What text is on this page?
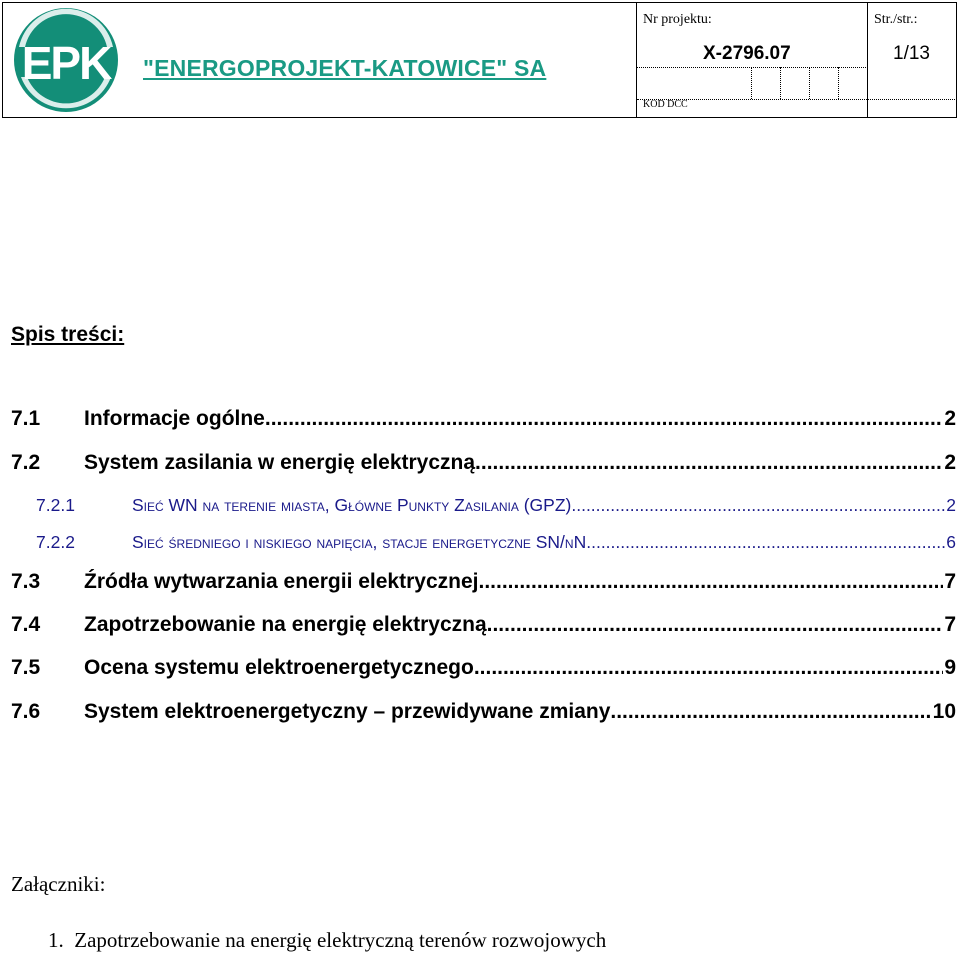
EPK "ENERGOPROJEKT-KATOWICE" SA
Nr projektu:
X-2796.07
Str./str.:
1/13
KOD DCC
Spis treści:
7.1	Informacje ogólne .....	2
7.2	System zasilania w energię elektryczną .....	2
7.2.1	Sieć WN na terenie miasta, Główne Punkty Zasilania (GPZ) .....	2
7.2.2	Sieć średniego i niskiego napięcia, stacje energetyczne SN/nN .....	6
7.3	Źródła wytwarzania energii elektrycznej .....	7
7.4	Zapotrzebowanie na energię elektryczną .....	7
7.5	Ocena systemu elektroenergetycznego .....	9
7.6	System elektroenergetyczny – przewidywane zmiany .....	10
Załączniki:
1. Zapotrzebowanie na energię elektryczną terenów rozwojowych
